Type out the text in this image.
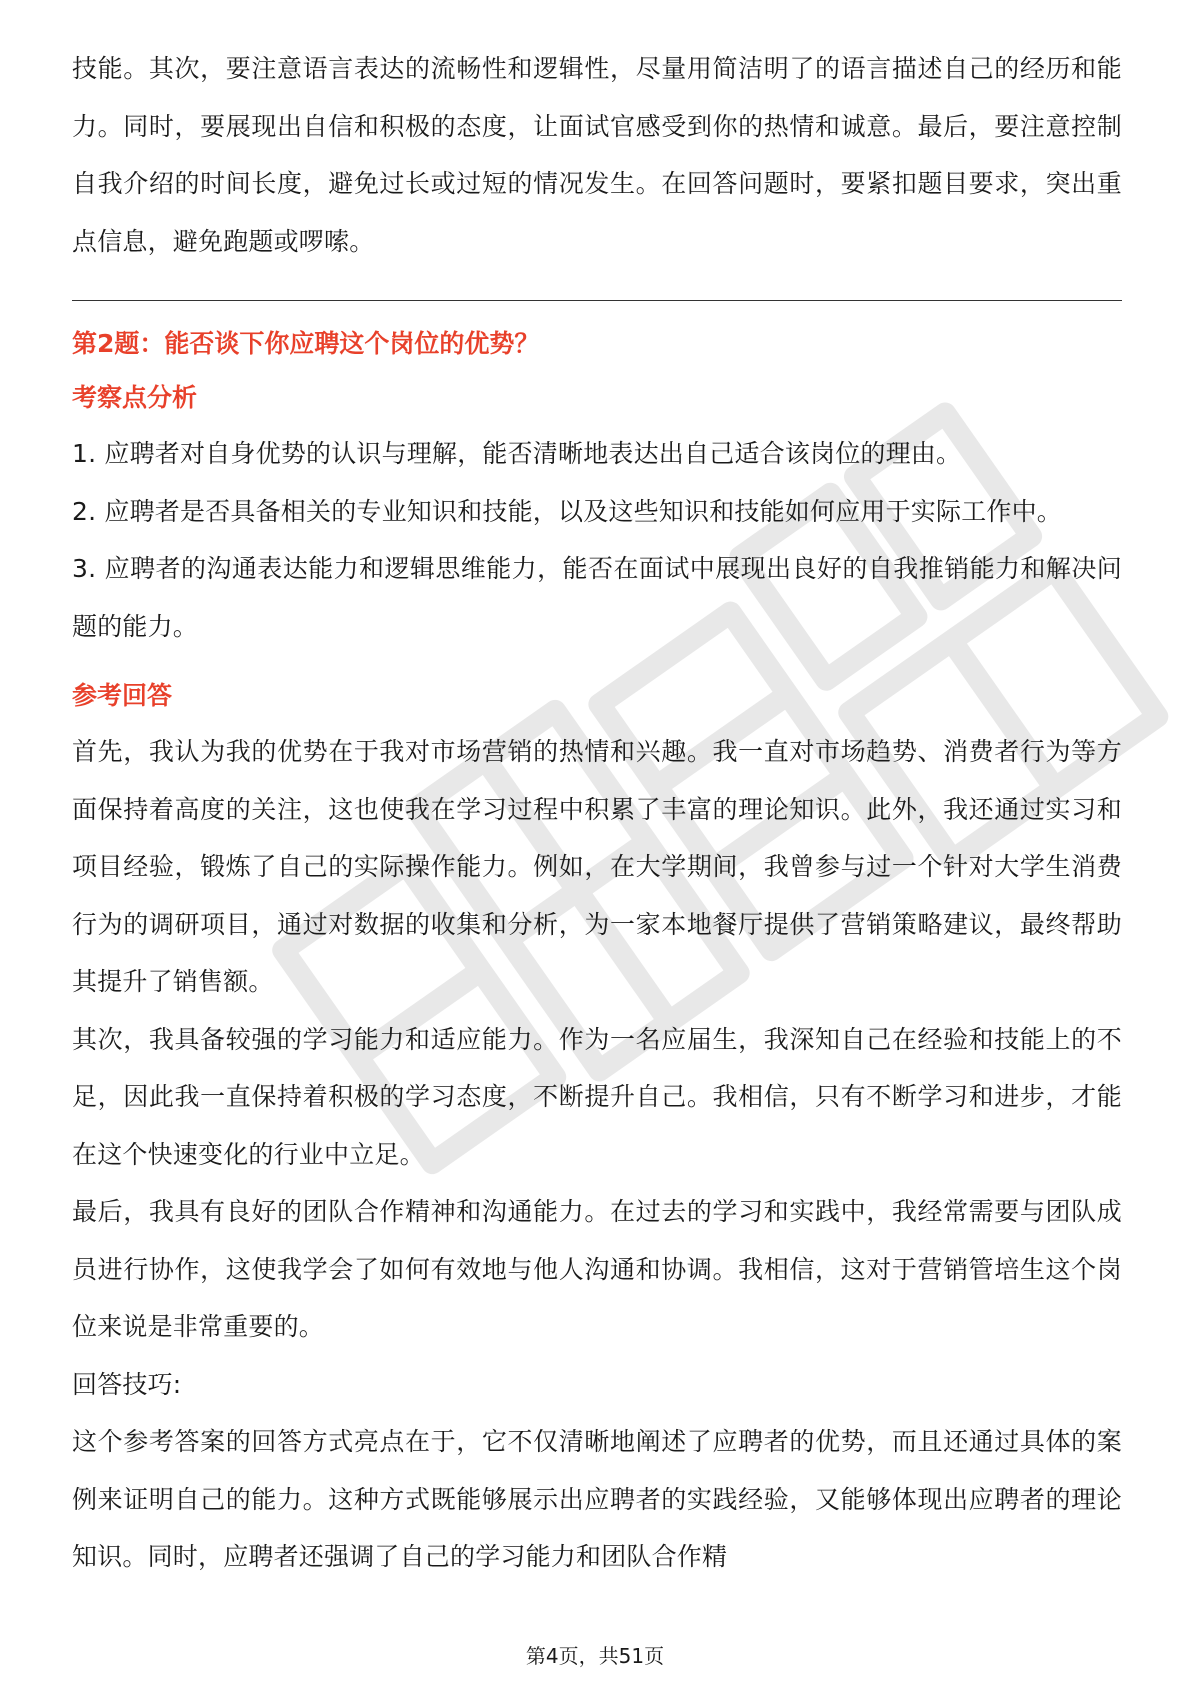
技能。其次，要注意语言表达的流畅性和逻辑性，尽量用简洁明了的语言描述自己的经历和能力。同时，要展现出自信和积极的态度，让面试官感受到你的热情和诚意。最后，要注意控制自我介绍的时间长度，避免过长或过短的情况发生。在回答问题时，要紧扣题目要求，突出重点信息，避免跑题或啰嗦。

第2题：能否谈下你应聘这个岗位的优势？

考察点分析

1. 应聘者对自身优势的认识与理解，能否清晰地表达出自己适合该岗位的理由。

2. 应聘者是否具备相关的专业知识和技能，以及这些知识和技能如何应用于实际工作中。

3. 应聘者的沟通表达能力和逻辑思维能力，能否在面试中展现出良好的自我推销能力和解决问题的能力。

参考回答

首先，我认为我的优势在于我对市场营销的热情和兴趣。我一直对市场趋势、消费者行为等方面保持着高度的关注，这也使我在学习过程中积累了丰富的理论知识。此外，我还通过实习和项目经验，锻炼了自己的实际操作能力。例如，在大学期间，我曾参与过一个针对大学生消费行为的调研项目，通过对数据的收集和分析，为一家本地餐厅提供了营销策略建议，最终帮助其提升了销售额。

其次，我具备较强的学习能力和适应能力。作为一名应届生，我深知自己在经验和技能上的不足，因此我一直保持着积极的学习态度，不断提升自己。我相信，只有不断学习和进步，才能在这个快速变化的行业中立足。

最后，我具有良好的团队合作精神和沟通能力。在过去的学习和实践中，我经常需要与团队成员进行协作，这使我学会了如何有效地与他人沟通和协调。我相信，这对于营销管培生这个岗位来说是非常重要的。

回答技巧:

这个参考答案的回答方式亮点在于，它不仅清晰地阐述了应聘者的优势，而且还通过具体的案例来证明自己的能力。这种方式既能够展示出应聘者的实践经验，又能够体现出应聘者的理论知识。同时，应聘者还强调了自己的学习能力和团队合作精

第4页，共51页
